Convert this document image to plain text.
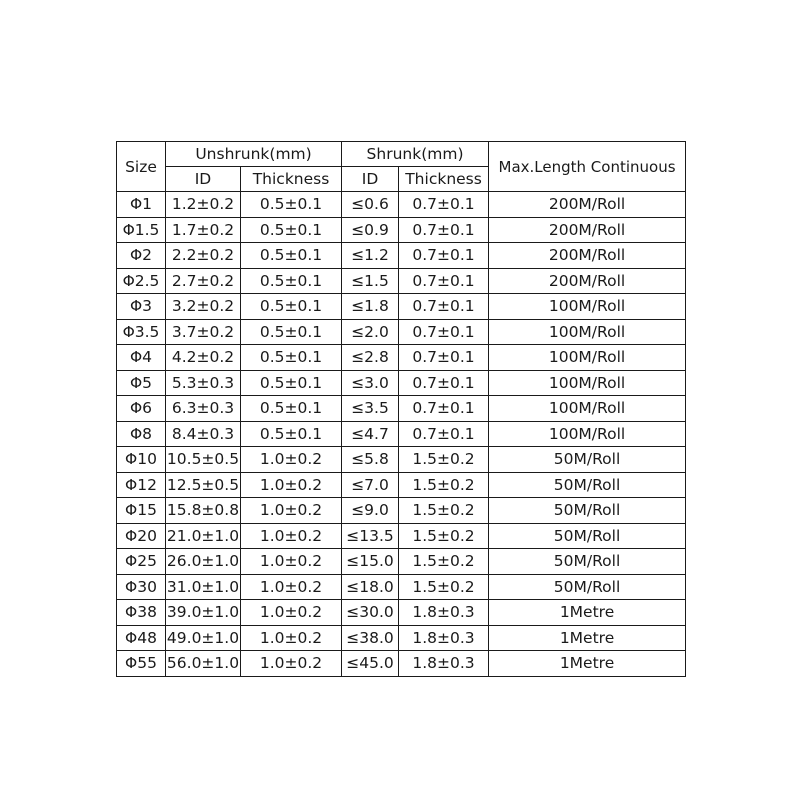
Size	Unshrunk(mm)		Shrunk(mm)		Max.Length Continuous
	ID	Thickness	ID	Thickness	
Φ1	1.2±0.2	0.5±0.1	≤0.6	0.7±0.1	200M/Roll
Φ1.5	1.7±0.2	0.5±0.1	≤0.9	0.7±0.1	200M/Roll
Φ2	2.2±0.2	0.5±0.1	≤1.2	0.7±0.1	200M/Roll
Φ2.5	2.7±0.2	0.5±0.1	≤1.5	0.7±0.1	200M/Roll
Φ3	3.2±0.2	0.5±0.1	≤1.8	0.7±0.1	100M/Roll
Φ3.5	3.7±0.2	0.5±0.1	≤2.0	0.7±0.1	100M/Roll
Φ4	4.2±0.2	0.5±0.1	≤2.8	0.7±0.1	100M/Roll
Φ5	5.3±0.3	0.5±0.1	≤3.0	0.7±0.1	100M/Roll
Φ6	6.3±0.3	0.5±0.1	≤3.5	0.7±0.1	100M/Roll
Φ8	8.4±0.3	0.5±0.1	≤4.7	0.7±0.1	100M/Roll
Φ10	10.5±0.5	1.0±0.2	≤5.8	1.5±0.2	50M/Roll
Φ12	12.5±0.5	1.0±0.2	≤7.0	1.5±0.2	50M/Roll
Φ15	15.8±0.8	1.0±0.2	≤9.0	1.5±0.2	50M/Roll
Φ20	21.0±1.0	1.0±0.2	≤13.5	1.5±0.2	50M/Roll
Φ25	26.0±1.0	1.0±0.2	≤15.0	1.5±0.2	50M/Roll
Φ30	31.0±1.0	1.0±0.2	≤18.0	1.5±0.2	50M/Roll
Φ38	39.0±1.0	1.0±0.2	≤30.0	1.8±0.3	1Metre
Φ48	49.0±1.0	1.0±0.2	≤38.0	1.8±0.3	1Metre
Φ55	56.0±1.0	1.0±0.2	≤45.0	1.8±0.3	1Metre
